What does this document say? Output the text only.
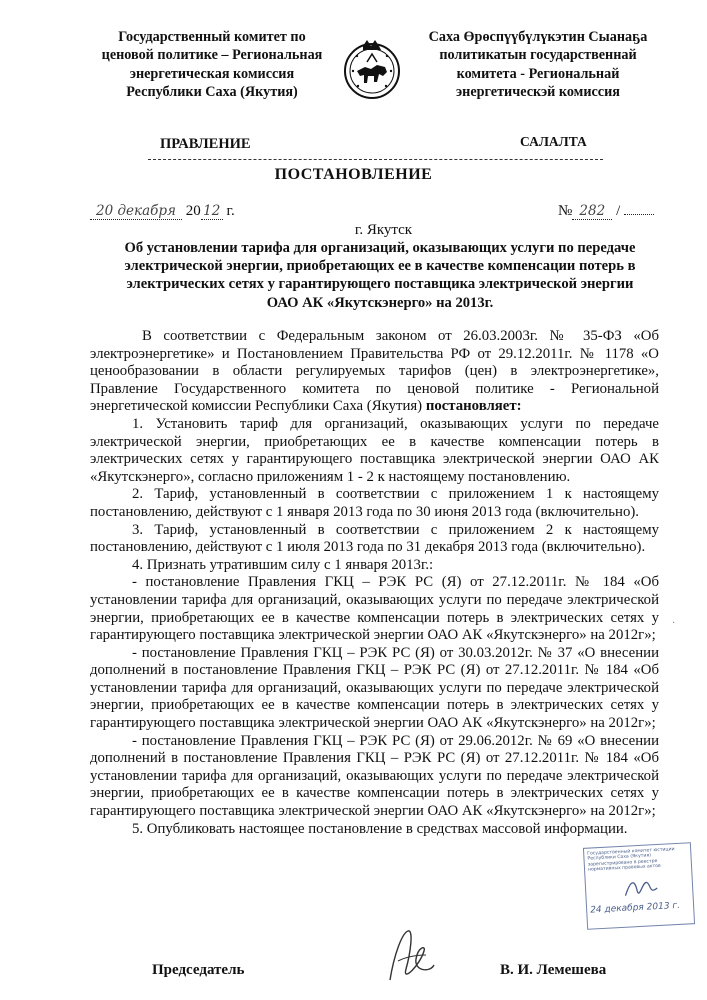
Государственный комитет по
ценовой политике – Региональная
энергетическая комиссия
Республики Саха (Якутия)
Саха Өрөспүүбүлүкэтин Сыанаҕа
политикатын государственнай
комитета - Региональнай
энергетическэй комиссия
ПРАВЛЕНИЕ	САЛАЛТА
ПОСТАНОВЛЕНИЕ
20 декабря 20 12 г.	№ 282 /
г. Якутск
Об установлении тарифа для организаций, оказывающих услуги по передаче
электрической энергии, приобретающих ее в качестве компенсации потерь в
электрических сетях у гарантирующего поставщика электрической энергии
ОАО АК «Якутскэнерго» на 2013г.

В соответствии с Федеральным законом от 26.03.2003г. № 35-ФЗ «Об электроэнергетике» и Постановлением Правительства РФ от 29.12.2011г. № 1178 «О ценообразовании в области регулируемых тарифов (цен) в электроэнергетике», Правление Государственного комитета по ценовой политике - Региональной энергетической комиссии Республики Саха (Якутия) постановляет:

1. Установить тариф для организаций, оказывающих услуги по передаче электрической энергии, приобретающих ее в качестве компенсации потерь в электрических сетях у гарантирующего поставщика электрической энергии ОАО АК «Якутскэнерго», согласно приложениям 1 - 2 к настоящему постановлению.

2. Тариф, установленный в соответствии с приложением 1 к настоящему постановлению, действуют с 1 января 2013 года по 30 июня 2013 года (включительно).

3. Тариф, установленный в соответствии с приложением 2 к настоящему постановлению, действуют с 1 июля 2013 года по 31 декабря 2013 года (включительно).

4. Признать утратившим силу с 1 января 2013г.:

- постановление Правления ГКЦ – РЭК РС (Я) от 27.12.2011г. № 184 «Об установлении тарифа для организаций, оказывающих услуги по передаче электрической энергии, приобретающих ее в качестве компенсации потерь в электрических сетях у гарантирующего поставщика электрической энергии ОАО АК «Якутскэнерго» на 2012г»;

- постановление Правления ГКЦ – РЭК РС (Я) от 30.03.2012г. № 37 «О внесении дополнений в постановление Правления ГКЦ – РЭК РС (Я) от 27.12.2011г. № 184 «Об установлении тарифа для организаций, оказывающих услуги по передаче электрической энергии, приобретающих ее в качестве компенсации потерь в электрических сетях у гарантирующего поставщика электрической энергии ОАО АК «Якутскэнерго» на 2012г»;

- постановление Правления ГКЦ – РЭК РС (Я) от 29.06.2012г. № 69 «О внесении дополнений в постановление Правления ГКЦ – РЭК РС (Я) от 27.12.2011г. № 184 «Об установлении тарифа для организаций, оказывающих услуги по передаче электрической энергии, приобретающих ее в качестве компенсации потерь в электрических сетях у гарантирующего поставщика электрической энергии ОАО АК «Якутскэнерго» на 2012г»;

5. Опубликовать настоящее постановление в средствах массовой информации.

·
Государственный комитет юстиции Республики Саха (Якутия) зарегистрировано в реестре нормативных правовых актов
24 декабря 2013 г.
Председатель	В. И. Лемешева
